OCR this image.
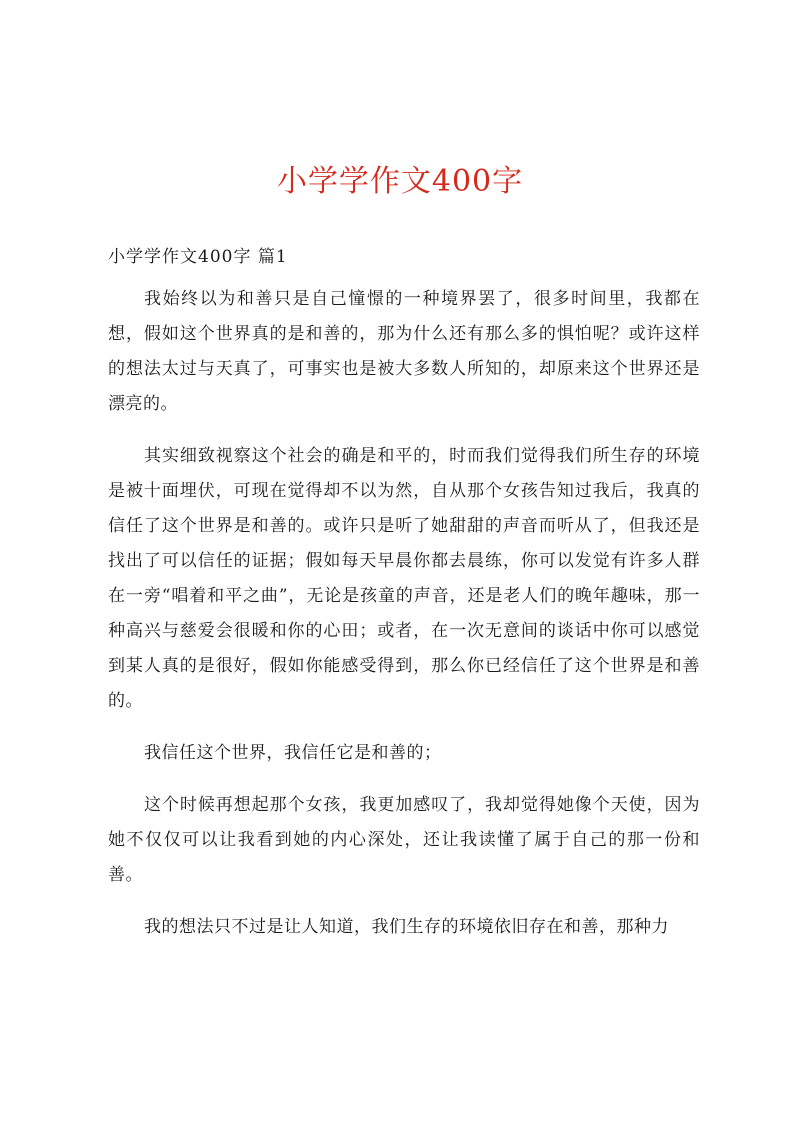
小学学作文400字
小学学作文400字 篇1

我始终以为和善只是自己憧憬的一种境界罢了，很多时间里，我都在想，假如这个世界真的是和善的，那为什么还有那么多的惧怕呢？或许这样的想法太过与天真了，可事实也是被大多数人所知的，却原来这个世界还是漂亮的。

其实细致视察这个社会的确是和平的，时而我们觉得我们所生存的环境是被十面埋伏，可现在觉得却不以为然，自从那个女孩告知过我后，我真的信任了这个世界是和善的。或许只是听了她甜甜的声音而听从了，但我还是找出了可以信任的证据；假如每天早晨你都去晨练，你可以发觉有许多人群在一旁“唱着和平之曲”，无论是孩童的声音，还是老人们的晚年趣味，那一种高兴与慈爱会很暖和你的心田；或者，在一次无意间的谈话中你可以感觉到某人真的是很好，假如你能感受得到，那么你已经信任了这个世界是和善的。

我信任这个世界，我信任它是和善的；

这个时候再想起那个女孩，我更加感叹了，我却觉得她像个天使，因为她不仅仅可以让我看到她的内心深处，还让我读懂了属于自己的那一份和善。

我的想法只不过是让人知道，我们生存的环境依旧存在和善，那种力
